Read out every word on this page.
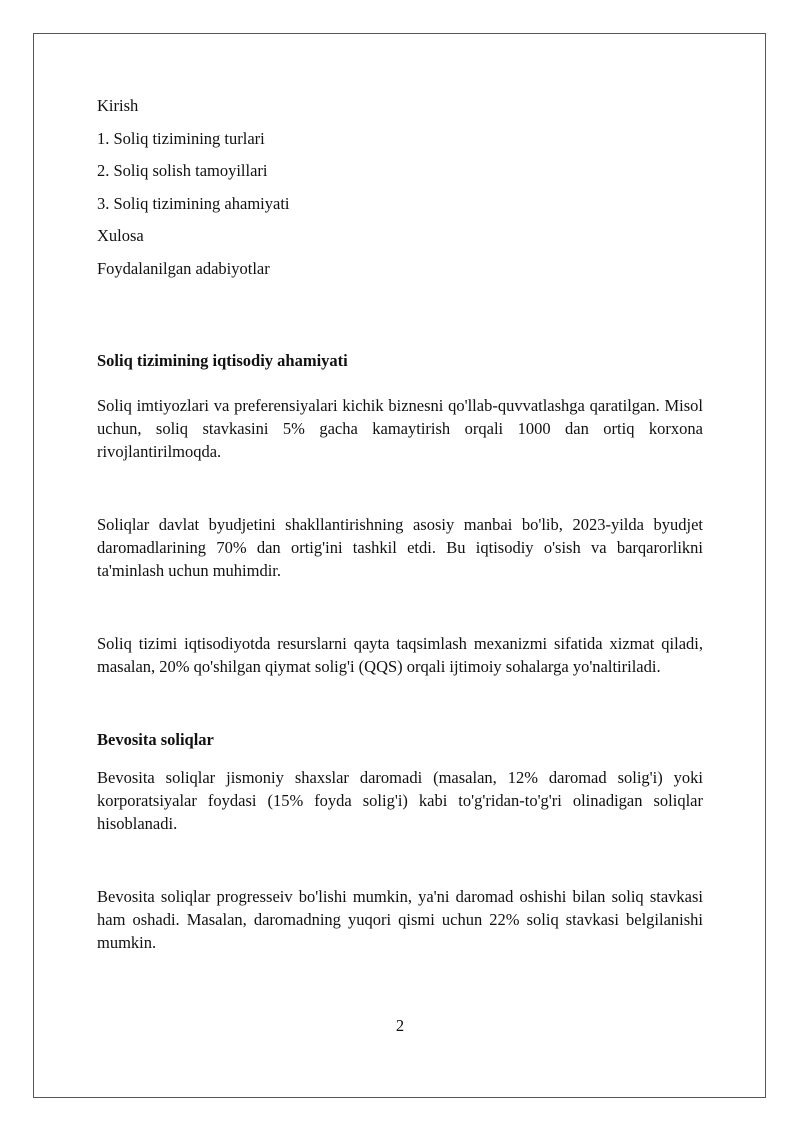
Kirish

1. Soliq tizimining turlari

2. Soliq solish tamoyillari

3. Soliq tizimining ahamiyati

Xulosa

Foydalanilgan adabiyotlar

Soliq tizimining iqtisodiy ahamiyati

Soliq imtiyozlari va preferensiyalari kichik biznesni qo'llab-quvvatlashga qaratilgan. Misol uchun, soliq stavkasini 5% gacha kamaytirish orqali 1000 dan ortiq korxona rivojlantirilmoqda.

Soliqlar davlat byudjetini shakllantirishning asosiy manbai bo'lib, 2023-yilda byudjet daromadlarining 70% dan ortig'ini tashkil etdi. Bu iqtisodiy o'sish va barqarorlikni ta'minlash uchun muhimdir.

Soliq tizimi iqtisodiyotda resurslarni qayta taqsimlash mexanizmi sifatida xizmat qiladi, masalan, 20% qo'shilgan qiymat solig'i (QQS) orqali ijtimoiy sohalarga yo'naltiriladi.

Bevosita soliqlar

Bevosita soliqlar jismoniy shaxslar daromadi (masalan, 12% daromad solig'i) yoki korporatsiyalar foydasi (15% foyda solig'i) kabi to'g'ridan-to'g'ri olinadigan soliqlar hisoblanadi.

Bevosita soliqlar progresseiv bo'lishi mumkin, ya'ni daromad oshishi bilan soliq stavkasi ham oshadi. Masalan, daromadning yuqori qismi uchun 22% soliq stavkasi belgilanishi mumkin.

2
